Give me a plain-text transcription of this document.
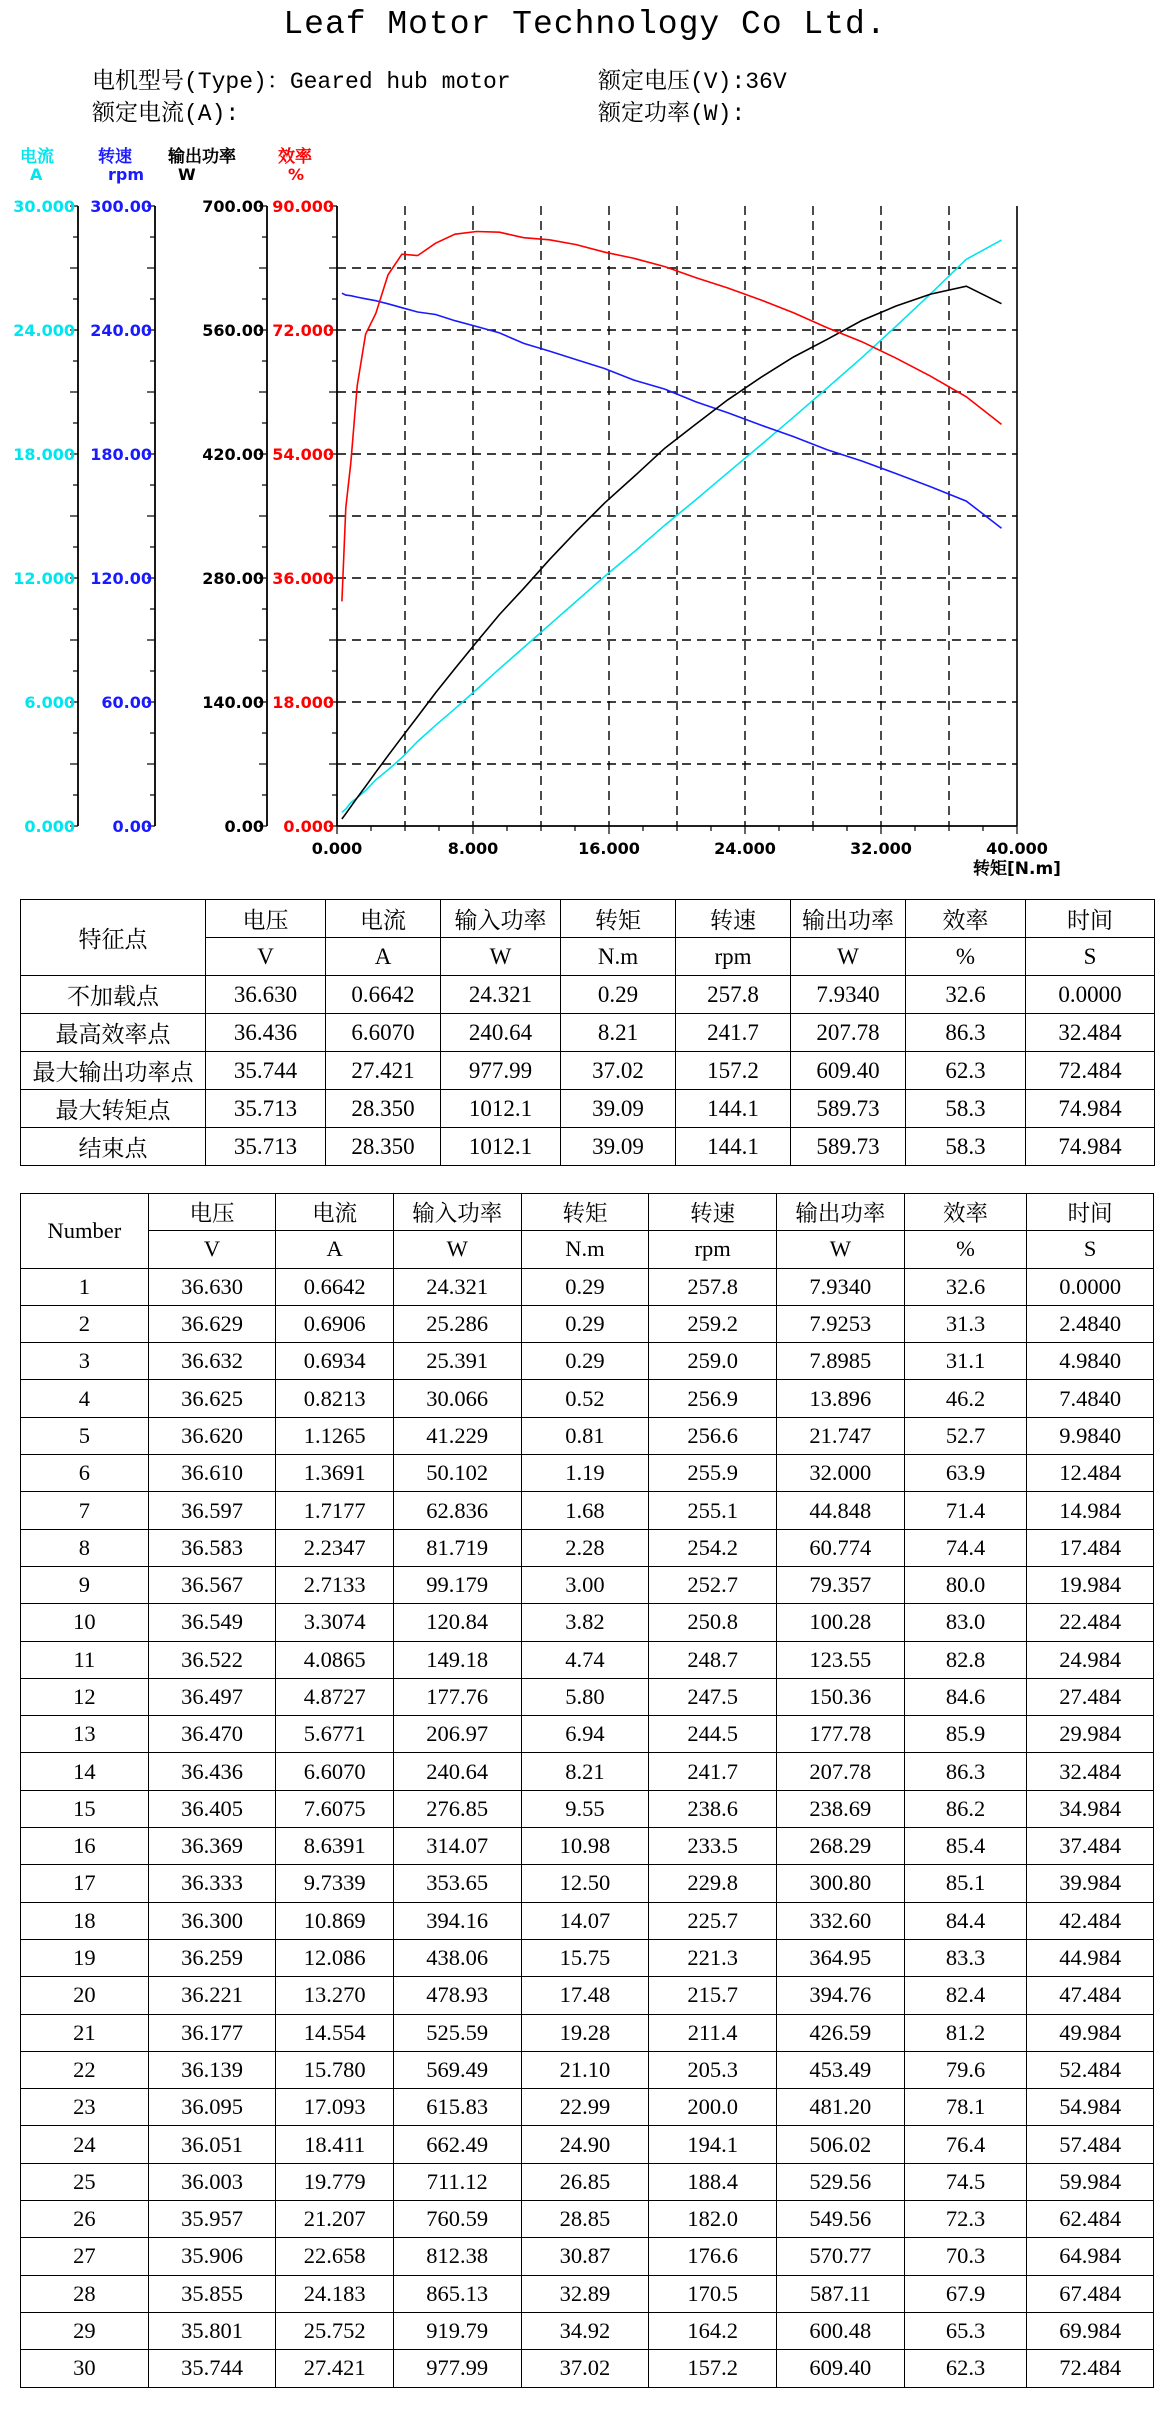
Leaf Motor Technology Co Ltd.
电机型号(Type)：Geared hub motor	额定电压(V):36V
额定电流(A):	额定功率(W):
30.000
24.000
18.000
12.000
6.000
0.000
电流
A
300.00
240.00
180.00
120.00
60.00
0.00
转速
rpm
700.00
560.00
420.00
280.00
140.00
0.00
输出功率
W
90.000
72.000
54.000
36.000
18.000
0.000
效率
%
0.000	8.000	16.000	24.000	32.000	40.000
转矩[N.m]
特征点	电压	电流	输入功率	转矩	转速	输出功率	效率	时间
	V	A	W	N.m	rpm	W	%	S
不加载点	36.630	0.6642	24.321	0.29	257.8	7.9340	32.6	0.0000
最高效率点	36.436	6.6070	240.64	8.21	241.7	207.78	86.3	32.484
最大输出功率点	35.744	27.421	977.99	37.02	157.2	609.40	62.3	72.484
最大转矩点	35.713	28.350	1012.1	39.09	144.1	589.73	58.3	74.984
结束点	35.713	28.350	1012.1	39.09	144.1	589.73	58.3	74.984
Number	电压	电流	输入功率	转矩	转速	输出功率	效率	时间
	V	A	W	N.m	rpm	W	%	S
1	36.630	0.6642	24.321	0.29	257.8	7.9340	32.6	0.0000
2	36.629	0.6906	25.286	0.29	259.2	7.9253	31.3	2.4840
3	36.632	0.6934	25.391	0.29	259.0	7.8985	31.1	4.9840
4	36.625	0.8213	30.066	0.52	256.9	13.896	46.2	7.4840
5	36.620	1.1265	41.229	0.81	256.6	21.747	52.7	9.9840
6	36.610	1.3691	50.102	1.19	255.9	32.000	63.9	12.484
7	36.597	1.7177	62.836	1.68	255.1	44.848	71.4	14.984
8	36.583	2.2347	81.719	2.28	254.2	60.774	74.4	17.484
9	36.567	2.7133	99.179	3.00	252.7	79.357	80.0	19.984
10	36.549	3.3074	120.84	3.82	250.8	100.28	83.0	22.484
11	36.522	4.0865	149.18	4.74	248.7	123.55	82.8	24.984
12	36.497	4.8727	177.76	5.80	247.5	150.36	84.6	27.484
13	36.470	5.6771	206.97	6.94	244.5	177.78	85.9	29.984
14	36.436	6.6070	240.64	8.21	241.7	207.78	86.3	32.484
15	36.405	7.6075	276.85	9.55	238.6	238.69	86.2	34.984
16	36.369	8.6391	314.07	10.98	233.5	268.29	85.4	37.484
17	36.333	9.7339	353.65	12.50	229.8	300.80	85.1	39.984
18	36.300	10.869	394.16	14.07	225.7	332.60	84.4	42.484
19	36.259	12.086	438.06	15.75	221.3	364.95	83.3	44.984
20	36.221	13.270	478.93	17.48	215.7	394.76	82.4	47.484
21	36.177	14.554	525.59	19.28	211.4	426.59	81.2	49.984
22	36.139	15.780	569.49	21.10	205.3	453.49	79.6	52.484
23	36.095	17.093	615.83	22.99	200.0	481.20	78.1	54.984
24	36.051	18.411	662.49	24.90	194.1	506.02	76.4	57.484
25	36.003	19.779	711.12	26.85	188.4	529.56	74.5	59.984
26	35.957	21.207	760.59	28.85	182.0	549.56	72.3	62.484
27	35.906	22.658	812.38	30.87	176.6	570.77	70.3	64.984
28	35.855	24.183	865.13	32.89	170.5	587.11	67.9	67.484
29	35.801	25.752	919.79	34.92	164.2	600.48	65.3	69.984
30	35.744	27.421	977.99	37.02	157.2	609.40	62.3	72.484
